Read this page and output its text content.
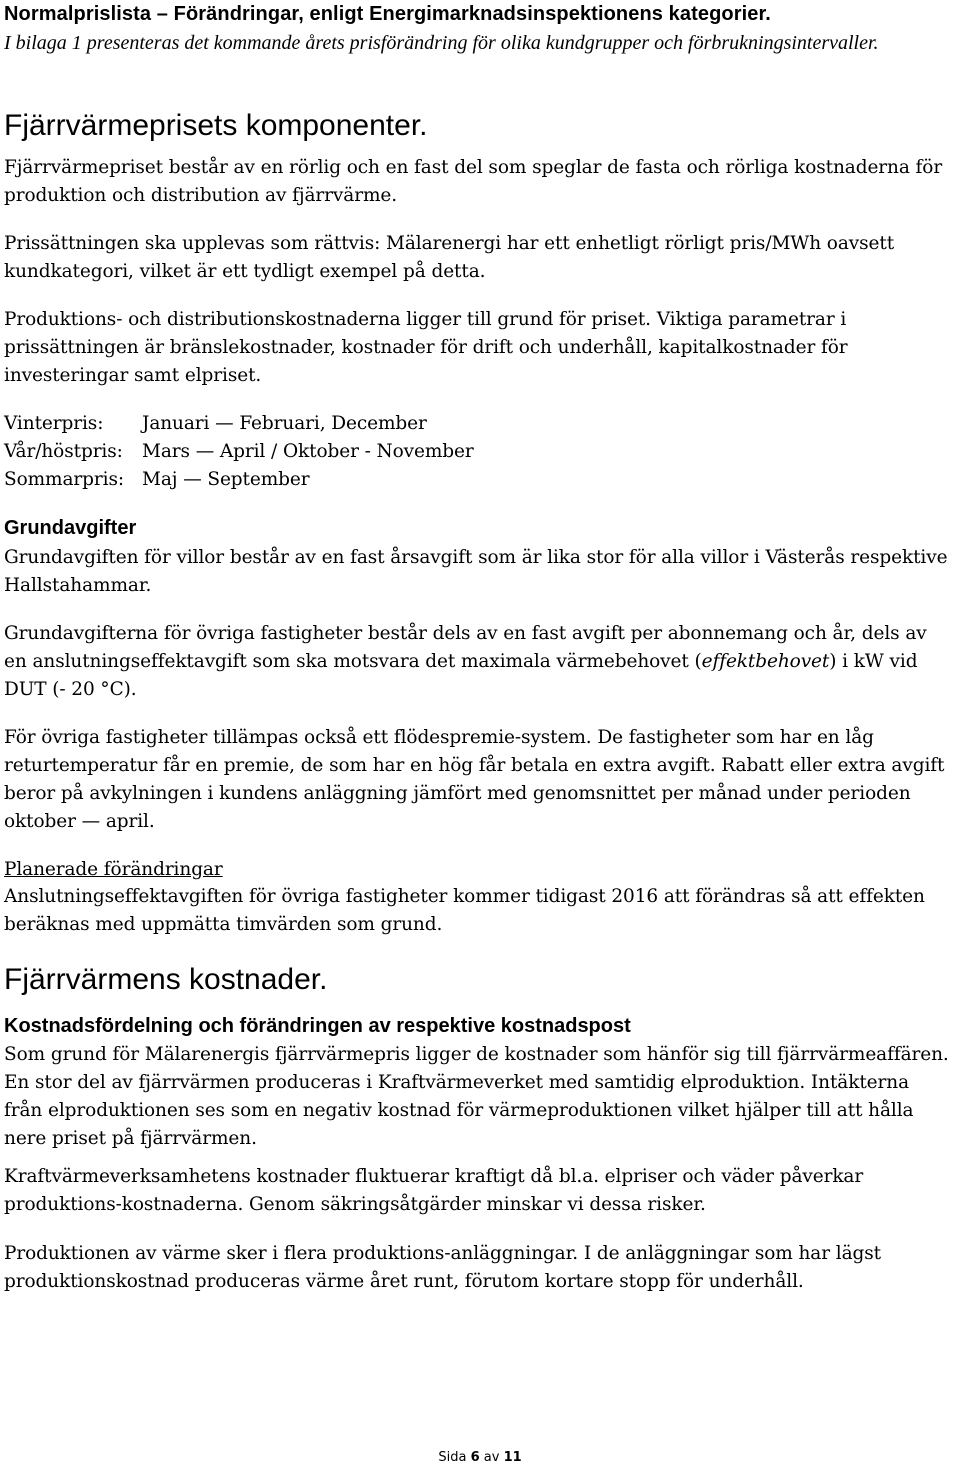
Normalprislista – Förändringar, enligt Energimarknadsinspektionens kategorier.

I bilaga 1 presenteras det kommande årets prisförändring för olika kundgrupper och förbrukningsintervaller.

Fjärrvärmeprisets komponenter.

Fjärrvärmepriset består av en rörlig och en fast del som speglar de fasta och rörliga kostnaderna för produktion och distribution av fjärrvärme.

Prissättningen ska upplevas som rättvis: Mälarenergi har ett enhetligt rörligt pris/MWh oavsett kundkategori, vilket är ett tydligt exempel på detta.

Produktions- och distributionskostnaderna ligger till grund för priset. Viktiga parametrar i prissättningen är bränslekostnader, kostnader för drift och underhåll, kapitalkostnader för investeringar samt elpriset.

Vinterpris:	Januari — Februari, December
Vår/höstpris:	Mars — April / Oktober - November
Sommarpris:	Maj — September
Grundavgifter

Grundavgiften för villor består av en fast årsavgift som är lika stor för alla villor i Västerås respektive Hallstahammar.

Grundavgifterna för övriga fastigheter består dels av en fast avgift per abonnemang och år, dels av en anslutningseffektavgift som ska motsvara det maximala värmebehovet (effektbehovet) i kW vid DUT (- 20 °C).

För övriga fastigheter tillämpas också ett flödespremie-system. De fastigheter som har en låg returtemperatur får en premie, de som har en hög får betala en extra avgift. Rabatt eller extra avgift beror på avkylningen i kundens anläggning jämfört med genomsnittet per månad under perioden oktober — april.

Planerade förändringar

Anslutningseffektavgiften för övriga fastigheter kommer tidigast 2016 att förändras så att effekten beräknas med uppmätta timvärden som grund.

Fjärrvärmens kostnader.
Kostnadsfördelning och förändringen av respektive kostnadspost

Som grund för Mälarenergis fjärrvärmepris ligger de kostnader som hänför sig till fjärrvärmeaffären. En stor del av fjärrvärmen produceras i Kraftvärmeverket med samtidig elproduktion. Intäkterna från elproduktionen ses som en negativ kostnad för värmeproduktionen vilket hjälper till att hålla nere priset på fjärrvärmen.

Kraftvärmeverksamhetens kostnader fluktuerar kraftigt då bl.a. elpriser och väder påverkar produktions-kostnaderna. Genom säkringsåtgärder minskar vi dessa risker.

Produktionen av värme sker i flera produktions-anläggningar. I de anläggningar som har lägst produktionskostnad produceras värme året runt, förutom kortare stopp för underhåll.

Sida 6 av 11
